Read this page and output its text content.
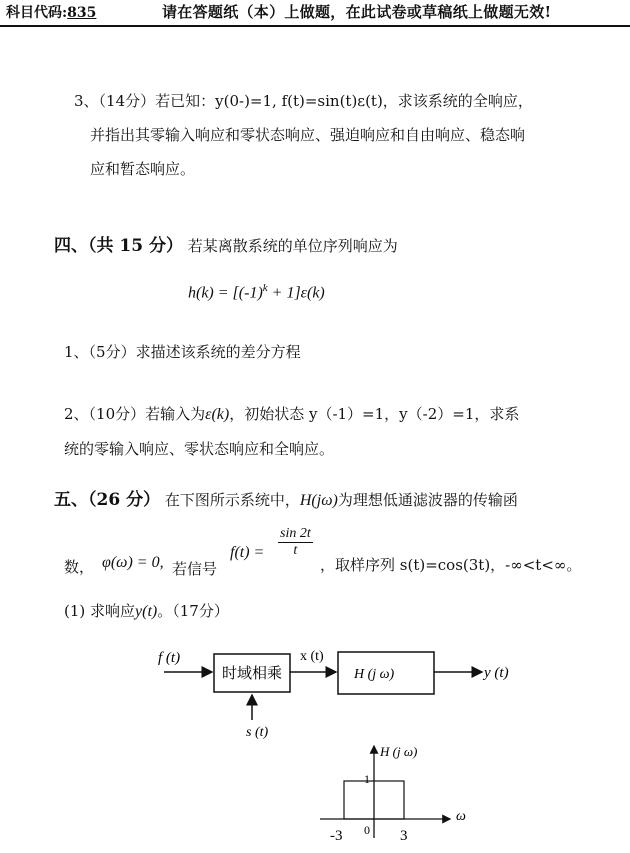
科目代码:835	请在答题纸（本）上做题，在此试卷或草稿纸上做题无效!
3、（14分）若已知：y(0-)=1, f(t)=sin(t)ε(t)，求该系统的全响应，
并指出其零输入响应和零状态响应、强迫响应和自由响应、稳态响
应和暂态响应。
四、（共 15 分） 若某离散系统的单位序列响应为
$h(k) = [(-1)^k + 1]\varepsilon(k)$
1、（5分）求描述该系统的差分方程
2、（10分）若输入为ε(k)，初始状态 y（-1）=1，y（-2）=1，求系
统的零输入响应、零状态响应和全响应。
五、（26 分） 在下图所示系统中，H(jω)为理想低通滤波器的传输函
数， φ(ω) = 0, 若信号
$f(t) = \frac{\sin 2t}{t}$
，取样序列 s(t)=cos(3t)，-∞<t<∞。
(1) 求响应y(t)。（17分）
f (t)
时域相乘
x (t)
H (j ω)	y (t)
s (t)
H (j ω)
ω
1
0
-3	3
